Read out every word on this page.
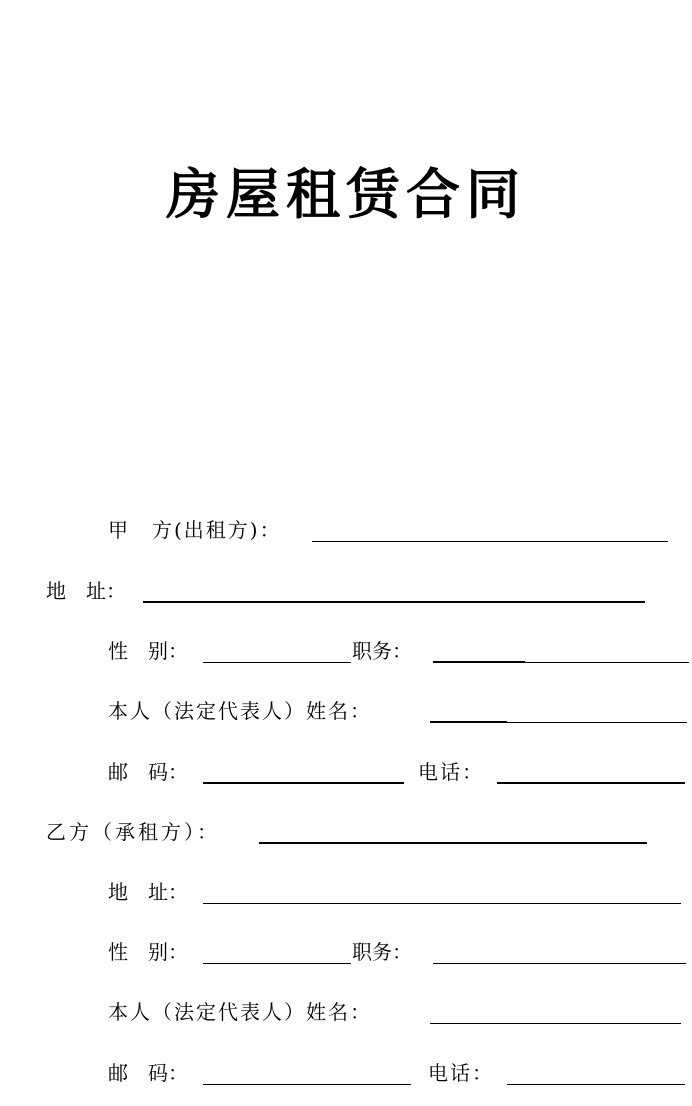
房屋租赁合同
甲　方(出租方)：
地　址：
性　别：	职务：
本人（法定代表人）姓名：
邮　码：	电话：
乙方（承租方）：
地　址：
性　别：	职务：
本人（法定代表人）姓名：
邮　码：	电话：
